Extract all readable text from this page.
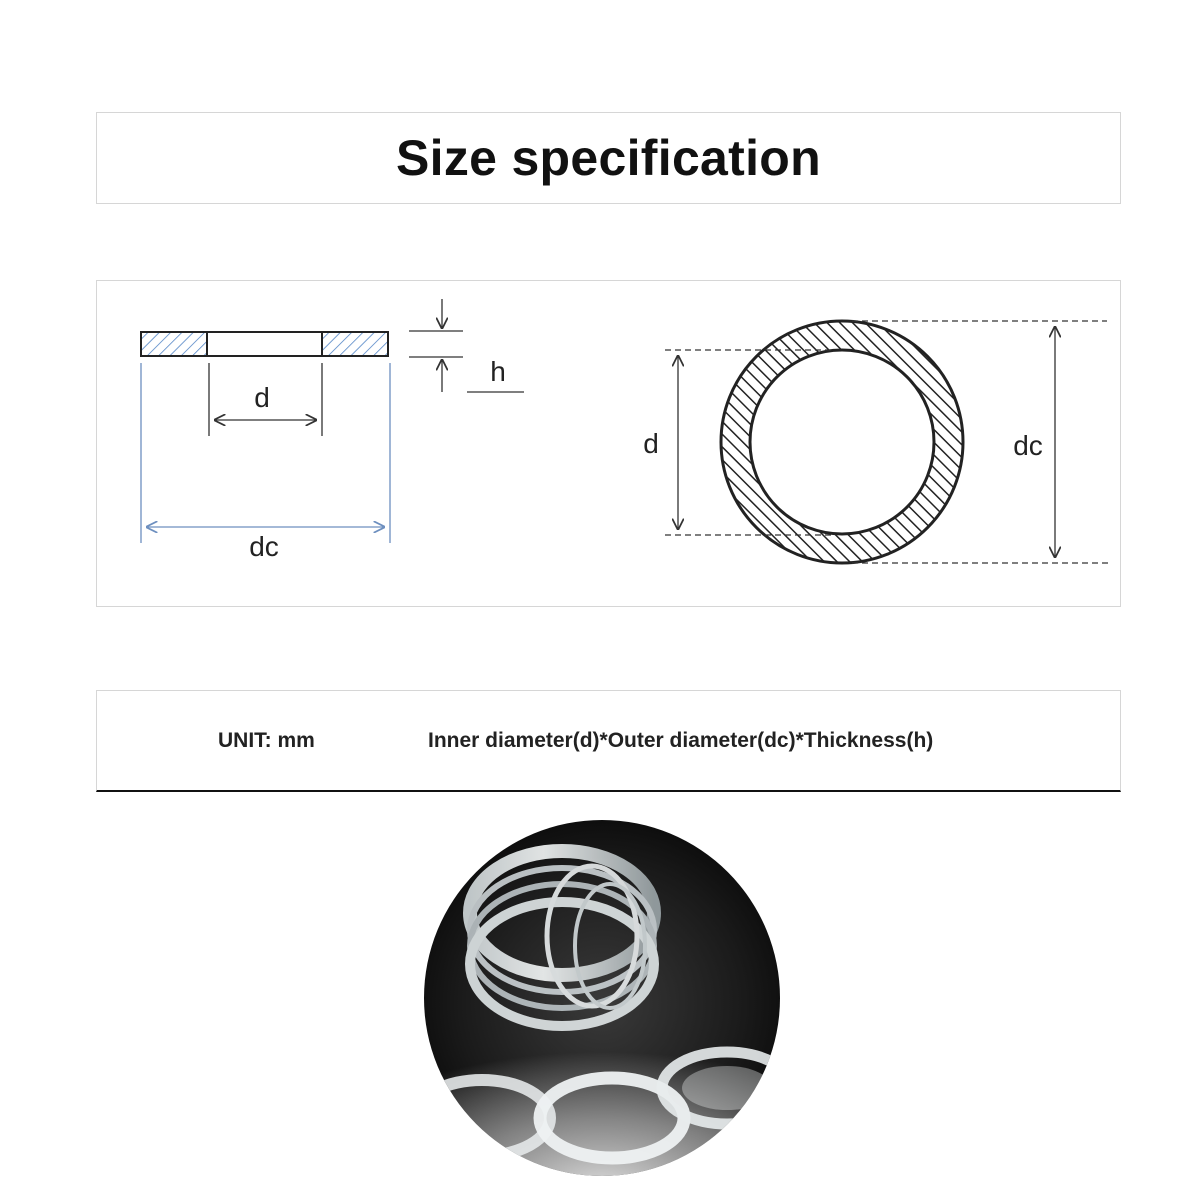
Size specification
d
dc
h
d	dc
UNIT: mm	Inner diameter(d)*Outer diameter(dc)*Thickness(h)
